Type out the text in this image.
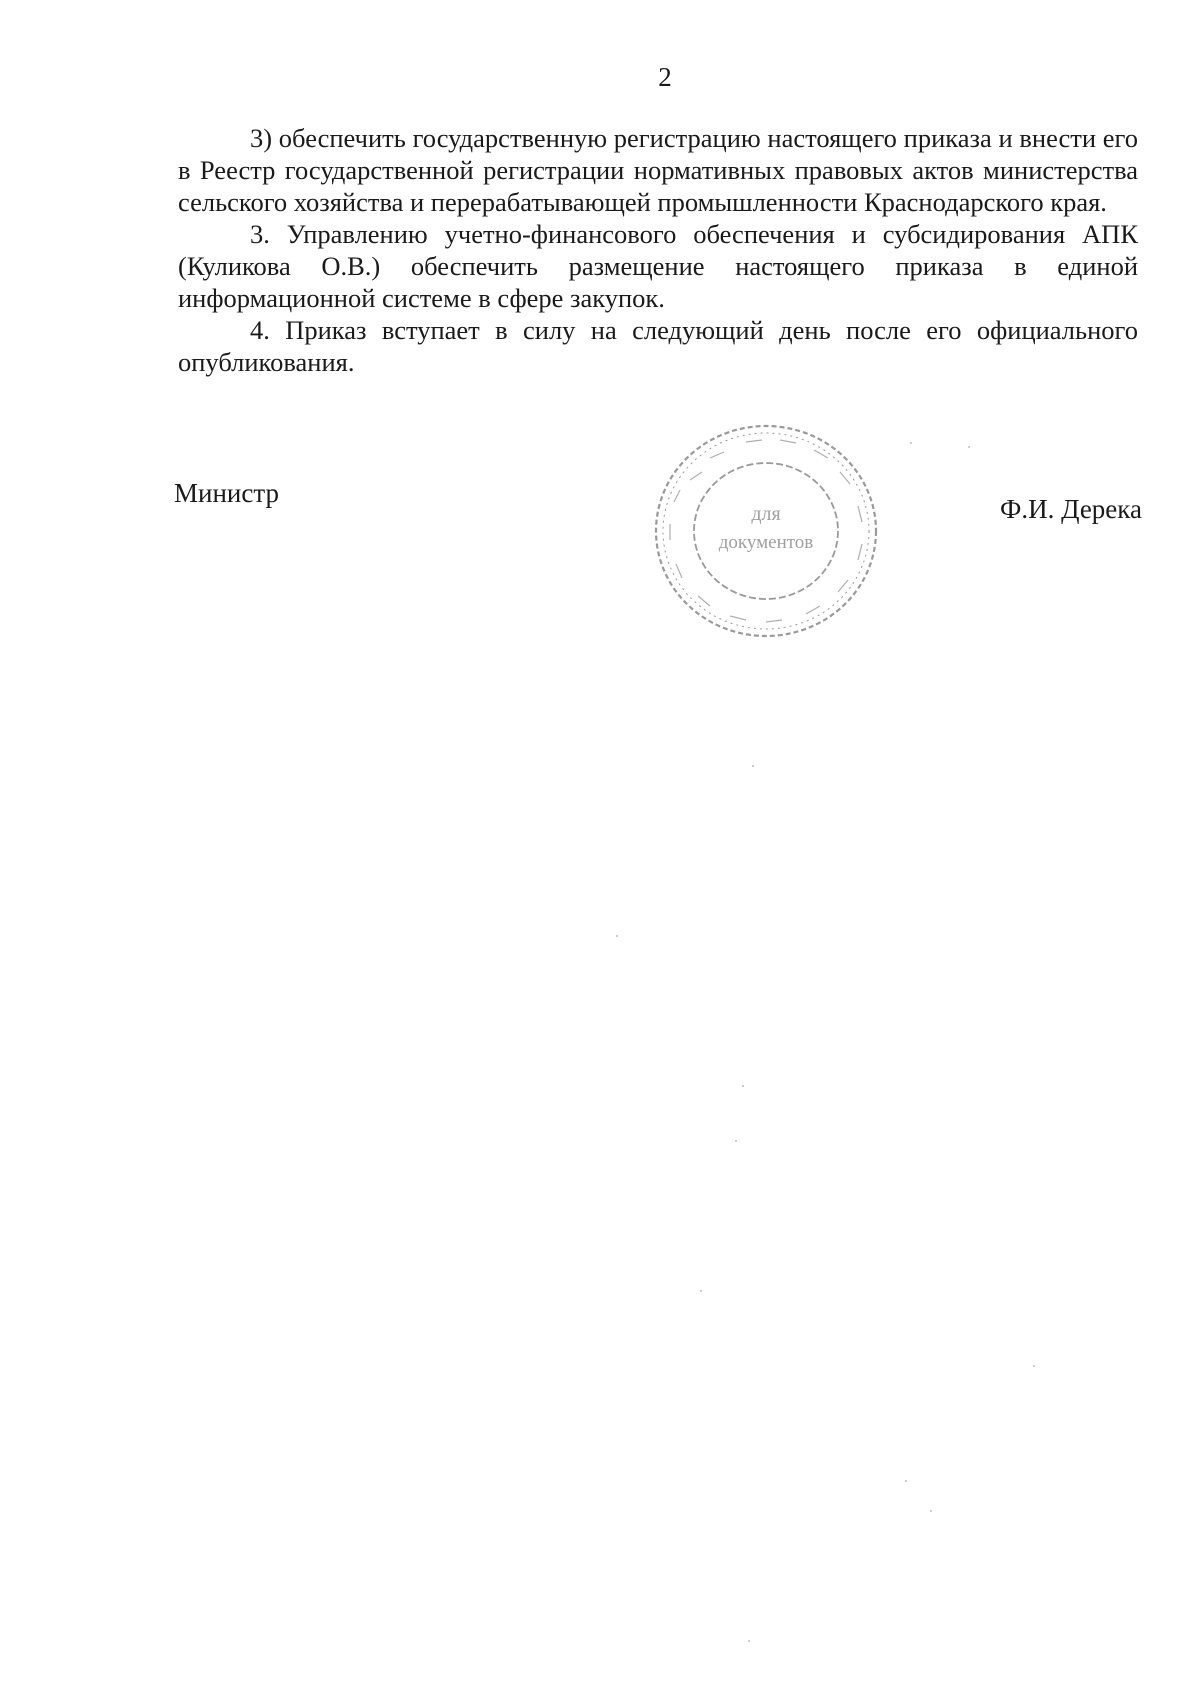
2

3) обеспечить государственную регистрацию настоящего приказа и внести его в Реестр государственной регистрации нормативных правовых актов министерства сельского хозяйства и перерабатывающей промышленности Краснодарского края.

3. Управлению учетно-финансового обеспечения и субсидирования АПК (Куликова О.В.) обеспечить размещение настоящего приказа в единой информационной системе в сфере закупок.

4. Приказ вступает в силу на следующий день после его официального опубликования.

Министр
Ф.И. Дерека
для
документов
